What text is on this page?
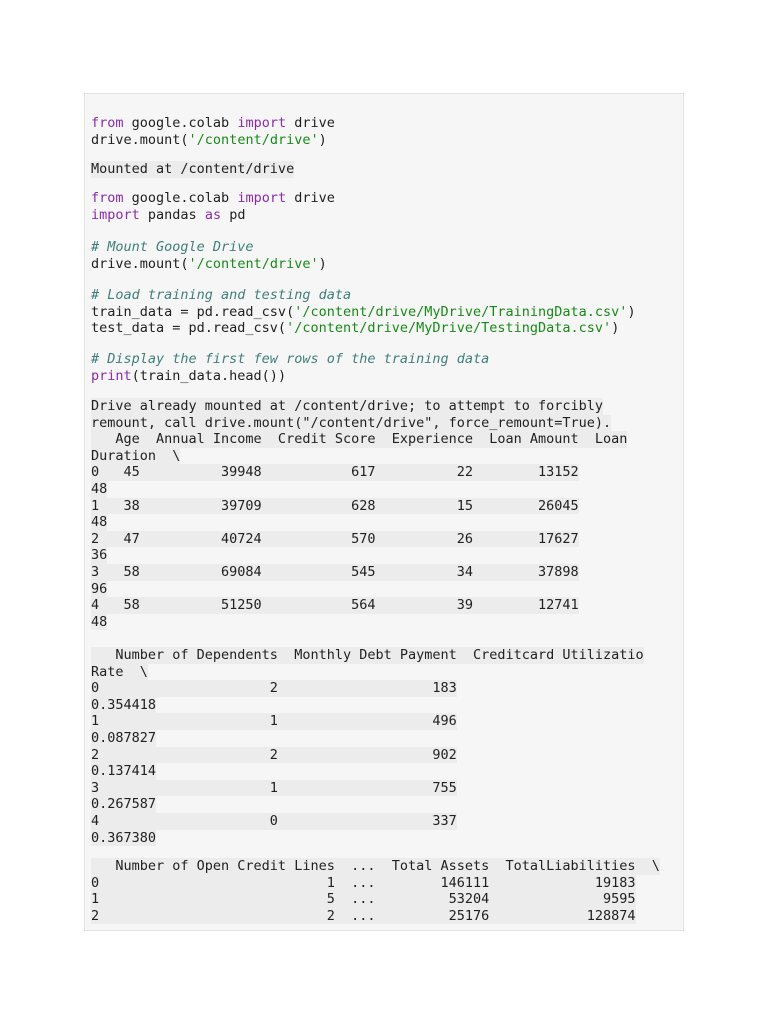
from google.colab import drive
drive.mount('/content/drive')
Mounted at /content/drive
from google.colab import drive
import pandas as pd
# Mount Google Drive
drive.mount('/content/drive')
# Load training and testing data
train_data = pd.read_csv('/content/drive/MyDrive/TrainingData.csv')
test_data = pd.read_csv('/content/drive/MyDrive/TestingData.csv')
# Display the first few rows of the training data
print(train_data.head())
Drive already mounted at /content/drive; to attempt to forcibly
remount, call drive.mount("/content/drive", force_remount=True).
Age  Annual Income  Credit Score  Experience  Loan Amount  Loan
Duration  \
0   45          39948           617          22        13152
48
1   38          39709           628          15        26045
48
2   47          40724           570          26        17627
36
3   58          69084           545          34        37898
96
4   58          51250           564          39        12741
48
Number of Dependents  Monthly Debt Payment  Creditcard Utilizatio
Rate  \
0                     2                   183
0.354418
1                     1                   496
0.087827
2                     2                   902
0.137414
3                     1                   755
0.267587
4                     0                   337
0.367380
Number of Open Credit Lines  ...  Total Assets  TotalLiabilities  \
0                            1  ...        146111             19183
1                            5  ...         53204              9595
2                            2  ...         25176            128874
